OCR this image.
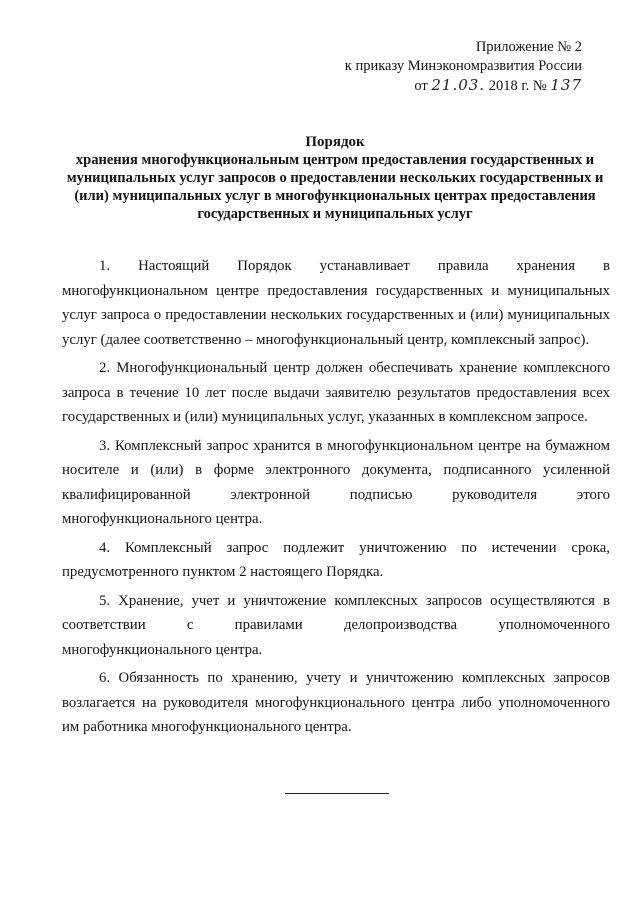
Приложение № 2
к приказу Минэкономразвития России
от 21.03. 2018 г. № 137
Порядок
хранения многофункциональным центром предоставления государственных и муниципальных услуг запросов о предоставлении нескольких государственных и (или) муниципальных услуг в многофункциональных центрах предоставления государственных и муниципальных услуг

1. Настоящий Порядок устанавливает правила хранения в многофункциональном центре предоставления государственных и муниципальных услуг запроса о предоставлении нескольких государственных и (или) муниципальных услуг (далее соответственно – многофункциональный центр, комплексный запрос).

2. Многофункциональный центр должен обеспечивать хранение комплексного запроса в течение 10 лет после выдачи заявителю результатов предоставления всех государственных и (или) муниципальных услуг, указанных в комплексном запросе.

3. Комплексный запрос хранится в многофункциональном центре на бумажном носителе и (или) в форме электронного документа, подписанного усиленной квалифицированной электронной подписью руководителя этого многофункционального центра.

4. Комплексный запрос подлежит уничтожению по истечении срока, предусмотренного пунктом 2 настоящего Порядка.

5. Хранение, учет и уничтожение комплексных запросов осуществляются в соответствии с правилами делопроизводства уполномоченного многофункционального центра.

6. Обязанность по хранению, учету и уничтожению комплексных запросов возлагается на руководителя многофункционального центра либо уполномоченного им работника многофункционального центра.
